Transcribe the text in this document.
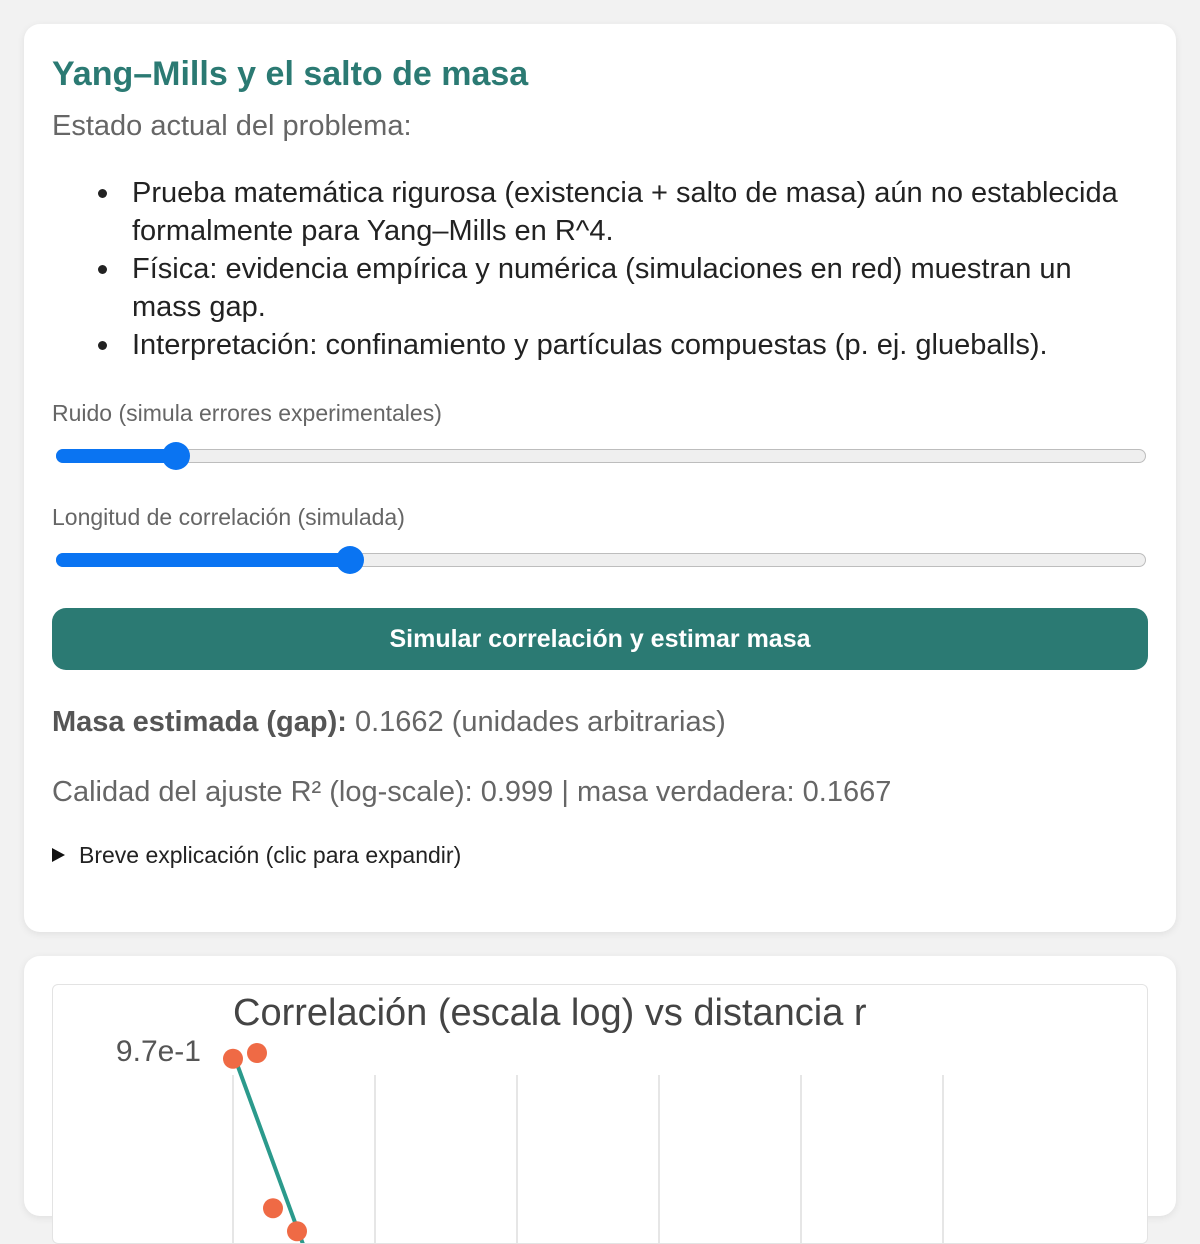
Yang–Mills y el salto de masa
Estado actual del problema:
Prueba matemática rigurosa (existencia + salto de masa) aún no establecida formalmente para Yang–Mills en R^4.
Física: evidencia empírica y numérica (simulaciones en red) muestran un mass gap.
Interpretación: confinamiento y partículas compuestas (p. ej. glueballs).
Ruido (simula errores experimentales)
Longitud de correlación (simulada)
Simular correlación y estimar masa
Masa estimada (gap): 0.1662 (unidades arbitrarias)
Calidad del ajuste R² (log-scale): 0.999 | masa verdadera: 0.1667
Breve explicación (clic para expandir)
Correlación (escala log) vs distancia r
9.7e-1
